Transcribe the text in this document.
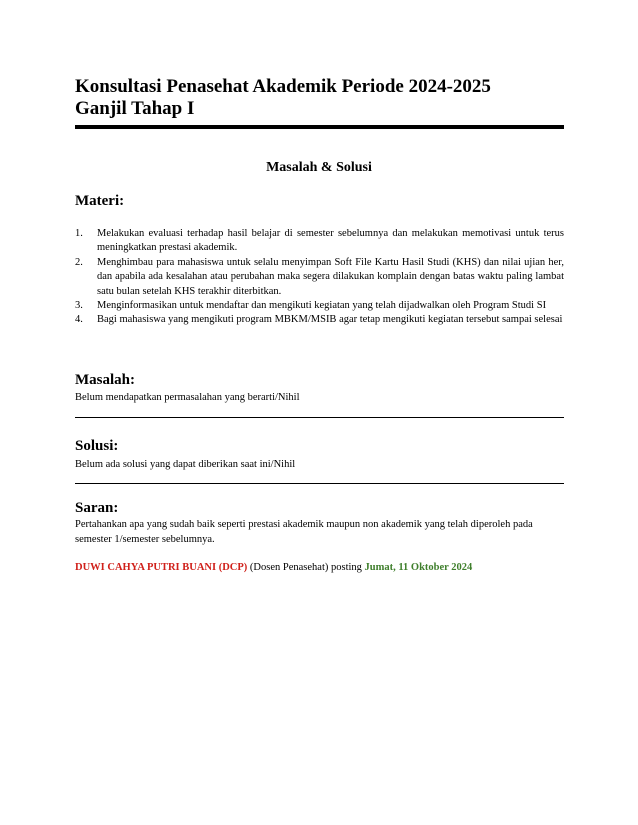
Konsultasi Penasehat Akademik Periode 2024-2025
Ganjil Tahap I
Masalah & Solusi
Materi:
1. Melakukan evaluasi terhadap hasil belajar di semester sebelumnya dan melakukan memotivasi untuk terus meningkatkan prestasi akademik.
2. Menghimbau para mahasiswa untuk selalu menyimpan Soft File Kartu Hasil Studi (KHS) dan nilai ujian her, dan apabila ada kesalahan atau perubahan maka segera dilakukan komplain dengan batas waktu paling lambat satu bulan setelah KHS terakhir diterbitkan.
3. Menginformasikan untuk mendaftar dan mengikuti kegiatan yang telah dijadwalkan oleh Program Studi SI
4. Bagi mahasiswa yang mengikuti program MBKM/MSIB agar tetap mengikuti kegiatan tersebut sampai selesai
Masalah:

Belum mendapatkan permasalahan yang berarti/Nihil

Solusi:

Belum ada solusi yang dapat diberikan saat ini/Nihil

Saran:

Pertahankan apa yang sudah baik seperti prestasi akademik maupun non akademik yang telah diperoleh pada semester 1/semester sebelumnya.

DUWI CAHYA PUTRI BUANI (DCP) (Dosen Penasehat) posting Jumat, 11 Oktober 2024
